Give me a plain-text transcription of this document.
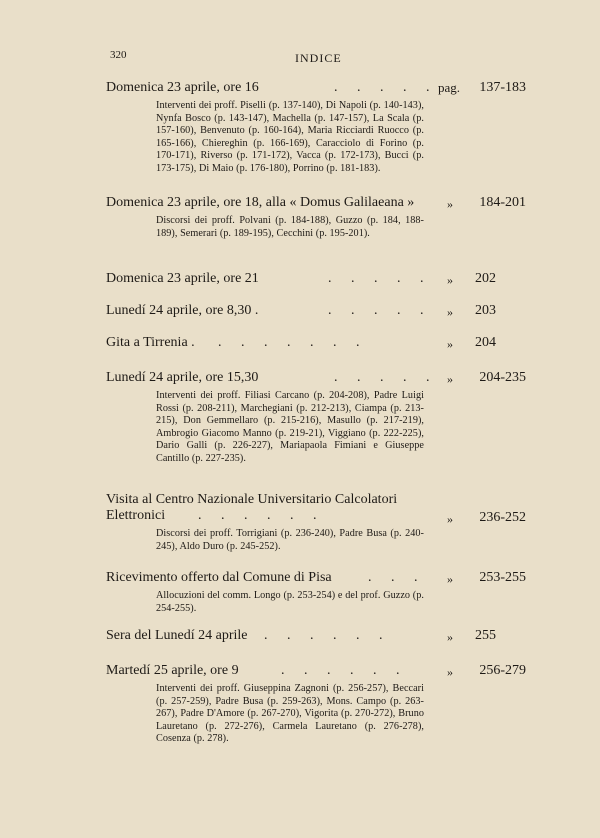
320	INDICE
Domenica 23 aprile, ore 16	. . . . . pag. 137-183
Interventi dei proff. Piselli (p. 137-140), Di Napoli (p. 140-143), Nynfa Bosco (p. 143-147), Machella (p. 147-157), La Scala (p. 157-160), Benvenuto (p. 160-164), Maria Ricciardi Ruocco (p. 165-166), Chiereghin (p. 166-169), Caracciolo di Forino (p. 170-171), Riverso (p. 171-172), Vacca (p. 172-173), Bucci (p. 173-175), Di Maio (p. 176-180), Porrino (p. 181-183).
Domenica 23 aprile, ore 18, alla « Domus Galilaeana »	» 184-201
Discorsi dei proff. Polvani (p. 184-188), Guzzo (p. 184, 188-189), Semerari (p. 189-195), Cecchini (p. 195-201).
Domenica 23 aprile, ore 21	. . . . . » 202
Lunedí 24 aprile, ore 8,30 .	. . . . . » 203
Gita a Tirrenia . . . . . . . .	» 204
Lunedí 24 aprile, ore 15,30	. . . . . » 204-235
Interventi dei proff. Filiasi Carcano (p. 204-208), Padre Luigi Rossi (p. 208-211), Marchegiani (p. 212-213), Ciampa (p. 213-215), Don Gemmellaro (p. 215-216), Masullo (p. 217-219), Ambrogio Giacomo Manno (p. 219-21), Viggiano (p. 222-225), Dario Galli (p. 226-227), Mariapaola Fimiani e Giuseppe Cantillo (p. 227-235).
Visita al Centro Nazionale Universitario Calcolatori Elettronici	. . . . . .	» 236-252
Discorsi dei proff. Torrigiani (p. 236-240), Padre Busa (p. 240-245), Aldo Duro (p. 245-252).
Ricevimento offerto dal Comune di Pisa	. . . » 253-255
Allocuzioni del comm. Longo (p. 253-254) e del prof. Guzzo (p. 254-255).
Sera del Lunedí 24 aprile . . . . . .	» 255
Martedí 25 aprile, ore 9	. . . . . .	» 256-279
Interventi dei proff. Giuseppina Zagnoni (p. 256-257), Beccari (p. 257-259), Padre Busa (p. 259-263), Mons. Campo (p. 263-267), Padre D'Amore (p. 267-270), Vigorita (p. 270-272), Bruno Lauretano (p. 272-276), Carmela Lauretano (p. 276-278), Cosenza (p. 278).
